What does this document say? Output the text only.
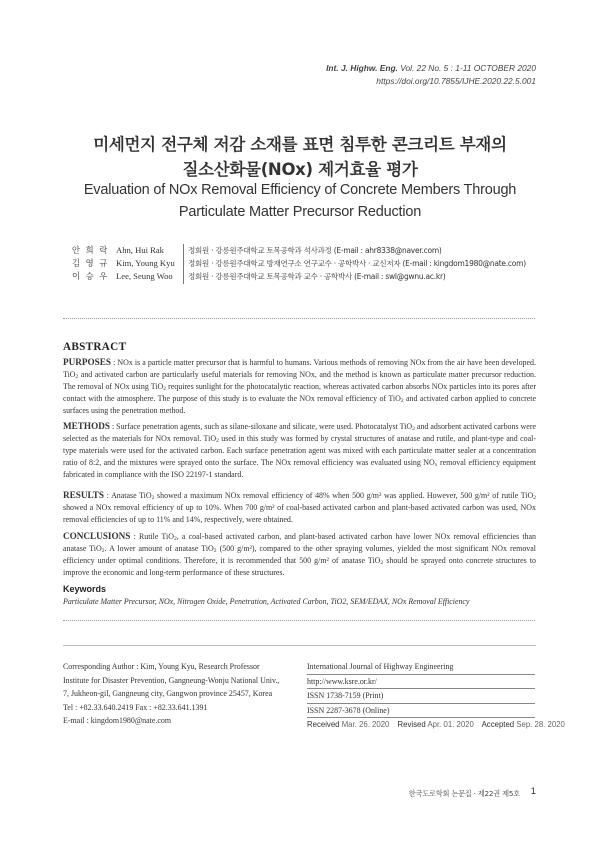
Int. J. Highw. Eng. Vol. 22 No. 5 : 1-11 OCTOBER 2020
https://doi.org/10.7855/IJHE.2020.22.5.001
미세먼지 전구체 저감 소재를 표면 침투한 콘크리트 부재의
질소산화물(NOx) 제거효율 평가
Evaluation of NOx Removal Efficiency of Concrete Members Through
Particulate Matter Precursor Reduction
안 희 락 Ahn, Hui Rak	정회원 · 강릉원주대학교 토목공학과 석사과정 (E-mail : ahr8338@naver.com)
김 영 규 Kim, Young Kyu	정회원 · 강릉원주대학교 방재연구소 연구교수 · 공학박사 · 교신저자 (E-mail : kingdom1980@nate.com)
이 승 우 Lee, Seung Woo	정회원 · 강릉원주대학교 토목공학과 교수 · 공학박사 (E-mail : swl@gwnu.ac.kr)
ABSTRACT
PURPOSES : NOx is a particle matter precursor that is harmful to humans. Various methods of removing NOx from the air have been developed. TiO$_2$ and activated carbon are particularly useful materials for removing NOx, and the method is known as particulate matter precursor reduction. The removal of NOx using TiO$_2$ requires sunlight for the photocatalytic reaction, whereas activated carbon absorbs NOx particles into its pores after contact with the atmosphere. The purpose of this study is to evaluate the NOx removal efficiency of TiO$_2$ and activated carbon applied to concrete surfaces using the penetration method.
METHODS : Surface penetration agents, such as silane-siloxane and silicate, were used. Photocatalyst TiO$_2$ and adsorbent activated carbons were selected as the materials for NOx removal. TiO$_2$ used in this study was formed by crystal structures of anatase and rutile, and plant-type and coal-type materials were used for the activated carbon. Each surface penetration agent was mixed with each particulate matter sealer at a concentration ratio of 8:2, and the mixtures were sprayed onto the surface. The NOx removal efficiency was evaluated using $NO_x$ removal efficiency equipment fabricated in compliance with the ISO 22197-1 standard.
RESULTS : Anatase TiO$_2$ showed a maximum NOx removal efficiency of 48% when 500 g/m² was applied. However, 500 g/m² of rutile TiO$_2$ showed a NOx removal efficiency of up to 10%. When 700 g/m² of coal-based activated carbon and plant-based activated carbon was used, NOx removal efficiencies of up to 11% and 14%, respectively, were obtained.
CONCLUSIONS : Rutile TiO$_2$, a coal-based activated carbon, and plant-based activated carbon have lower NOx removal efficiencies than anatase TiO$_2$. A lower amount of anatase TiO$_2$ (500 g/m²), compared to the other spraying volumes, yielded the most significant NOx removal efficiency under optimal conditions. Therefore, it is recommended that 500 g/m² of anatase TiO$_2$ should be sprayed onto concrete structures to improve the economic and long-term performance of these structures.
Keywords
Particulate Matter Precursor, NOx, Nitrogen Oxide, Penetration, Activated Carbon, TiO2, SEM/EDAX, NOx Removal Efficiency
Corresponding Author : Kim, Young Kyu, Research Professor
Institute for Disaster Prevention, Gangneung-Wonju National Univ.,
7, Jukheon-gil, Gangneung city, Gangwon province 25457, Korea
Tel : +82.33.640.2419 Fax : +82.33.641.1391
E-mail : kingdom1980@nate.com
International Journal of Highway Engineering
http://www.ksre.or.kr/
ISSN 1738-7159 (Print)
ISSN 2287-3678 (Online)
Received Mar. 26. 2020 Revised Apr. 01. 2020 Accepted Sep. 28. 2020
한국도로학회 논문집 · 제22권 제5호 1
